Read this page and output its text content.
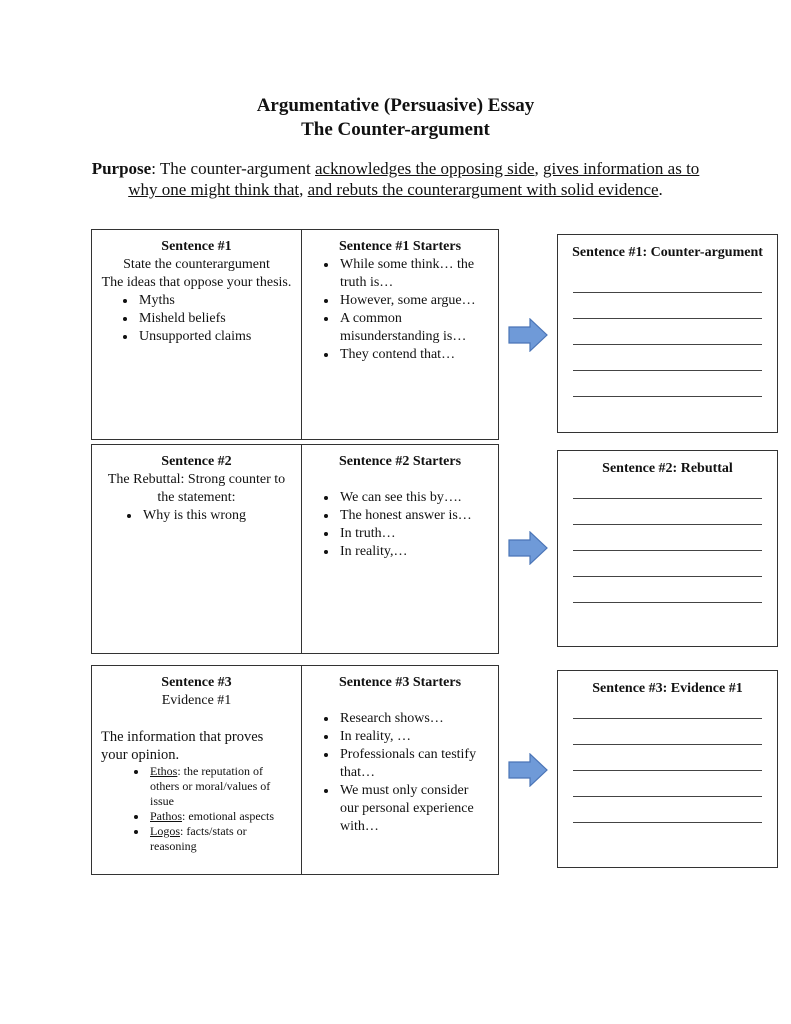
Argumentative (Persuasive) Essay
The Counter-argument
Purpose: The counter-argument acknowledges the opposing side, gives information as to why one might think that, and rebuts the counterargument with solid evidence.
Sentence #1
State the counterargument
The ideas that oppose your thesis.
• Myths
• Misheld beliefs
• Unsupported claims
Sentence #1 Starters
• While some think… the truth is…
• However, some argue…
• A common misunderstanding is…
• They contend that…
Sentence #1: Counter-argument
Sentence #2
The Rebuttal: Strong counter to the statement:
• Why is this wrong
Sentence #2 Starters
• We can see this by….
• The honest answer is…
• In truth…
• In reality,…
Sentence #2: Rebuttal
Sentence #3
Evidence #1
The information that proves your opinion.
• Ethos: the reputation of others or moral/values of issue
• Pathos: emotional aspects
• Logos: facts/stats or reasoning
Sentence #3 Starters
• Research shows…
• In reality, …
• Professionals can testify that…
• We must only consider our personal experience with…
Sentence #3: Evidence #1
